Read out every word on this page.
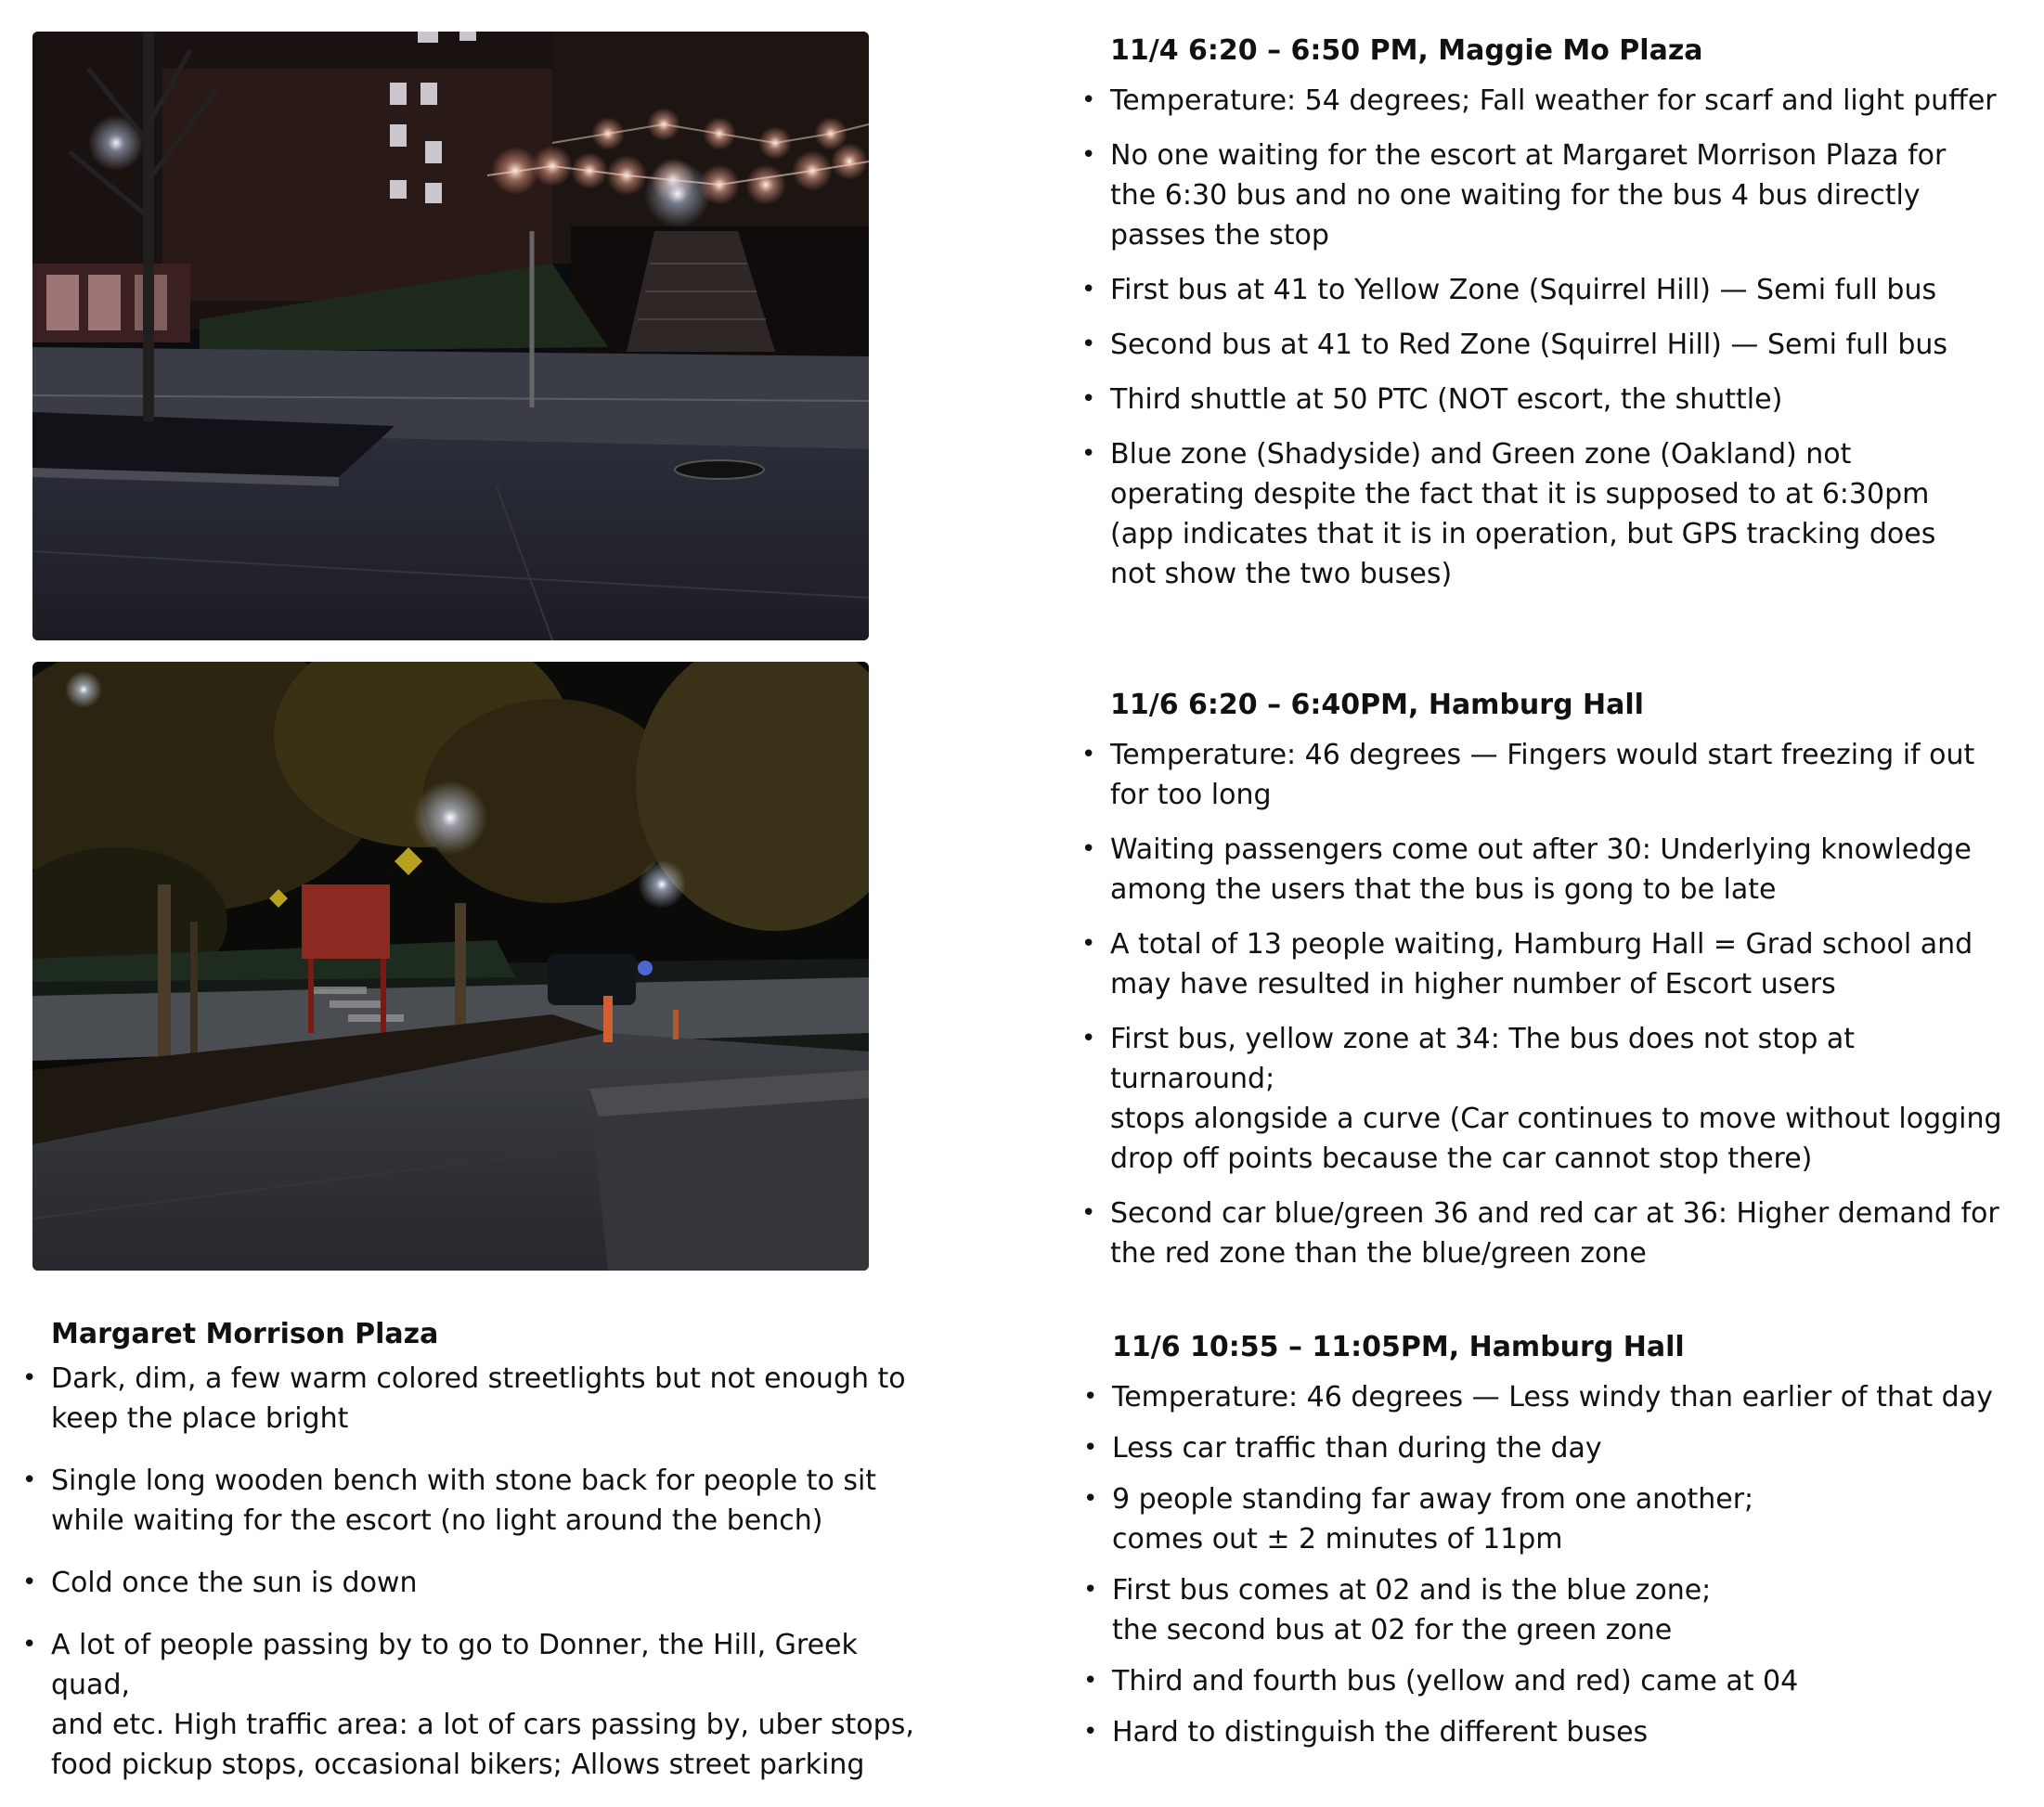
Margaret Morrison Plaza
• Dark, dim, a few warm colored streetlights but not enough to
keep the place bright
• Single long wooden bench with stone back for people to sit
while waiting for the escort (no light around the bench)
• Cold once the sun is down
• A lot of people passing by to go to Donner, the Hill, Greek quad,
and etc. High traffic area: a lot of cars passing by, uber stops,
food pickup stops, occasional bikers; Allows street parking
11/4 6:20 – 6:50 PM, Maggie Mo Plaza
• Temperature: 54 degrees; Fall weather for scarf and light puffer
• No one waiting for the escort at Margaret Morrison Plaza for
the 6:30 bus and no one waiting for the bus 4 bus directly
passes the stop
• First bus at 41 to Yellow Zone (Squirrel Hill) — Semi full bus
• Second bus at 41 to Red Zone (Squirrel Hill) — Semi full bus
• Third shuttle at 50 PTC (NOT escort, the shuttle)
• Blue zone (Shadyside) and Green zone (Oakland) not
operating despite the fact that it is supposed to at 6:30pm
(app indicates that it is in operation, but GPS tracking does
not show the two buses)
11/6 6:20 – 6:40PM, Hamburg Hall
• Temperature: 46 degrees — Fingers would start freezing if out
for too long
• Waiting passengers come out after 30: Underlying knowledge
among the users that the bus is gong to be late
• A total of 13 people waiting, Hamburg Hall = Grad school and
may have resulted in higher number of Escort users
• First bus, yellow zone at 34: The bus does not stop at turnaround;
stops alongside a curve (Car continues to move without logging
drop off points because the car cannot stop there)
• Second car blue/green 36 and red car at 36: Higher demand for
the red zone than the blue/green zone
11/6 10:55 – 11:05PM, Hamburg Hall
• Temperature: 46 degrees — Less windy than earlier of that day
• Less car traffic than during the day
• 9 people standing far away from one another;
comes out ± 2 minutes of 11pm
• First bus comes at 02 and is the blue zone;
the second bus at 02 for the green zone
• Third and fourth bus (yellow and red) came at 04
• Hard to distinguish the different buses
